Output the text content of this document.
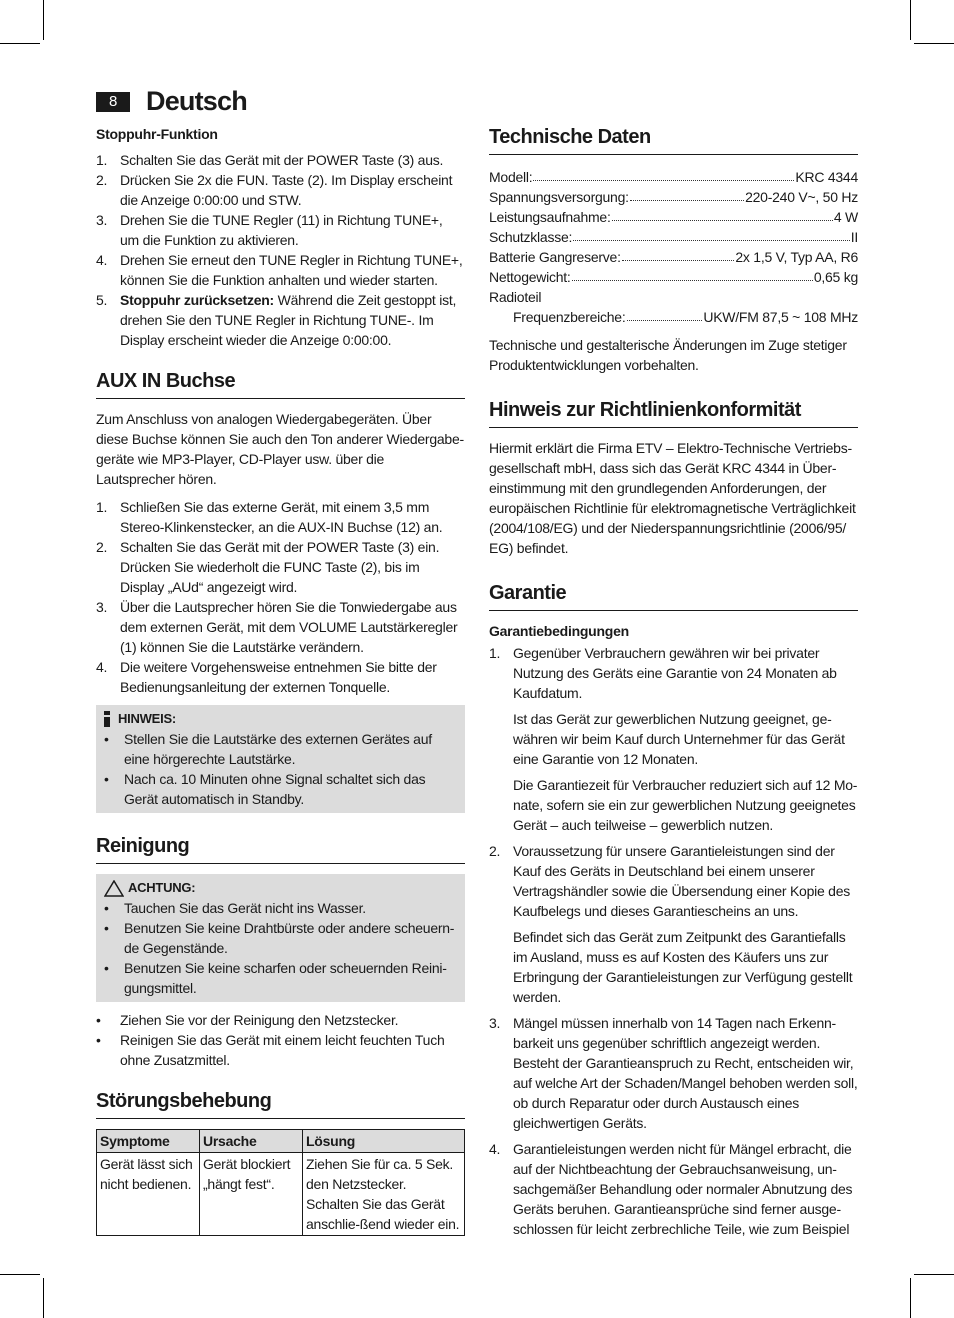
8	Deutsch
Stoppuhr-Funktion
1. Schalten Sie das Gerät mit der POWER Taste (3) aus.
2. Drücken Sie 2x die FUN. Taste (2). Im Display erscheint die Anzeige 0:00:00 und STW.
3. Drehen Sie die TUNE Regler (11) in Richtung TUNE+, um die Funktion zu aktivieren.
4. Drehen Sie erneut den TUNE Regler in Richtung TUNE+, können Sie die Funktion anhalten und wieder starten.
5. Stoppuhr zurücksetzen: Während die Zeit gestoppt ist, drehen Sie den TUNE Regler in Richtung TUNE-. Im Display erscheint wieder die Anzeige 0:00:00.
AUX IN Buchse

Zum Anschluss von analogen Wiedergabegeräten. Über diese Buchse können Sie auch den Ton anderer Wiedergabe-geräte wie MP3-Player, CD-Player usw. über die Lautsprecher hören.

1. Schließen Sie das externe Gerät, mit einem 3,5 mm Stereo-Klinkenstecker, an die AUX-IN Buchse (12) an.
2. Schalten Sie das Gerät mit der POWER Taste (3) ein. Drücken Sie wiederholt die FUNC Taste (2), bis im Display „AUd“ angezeigt wird.
3. Über die Lautsprecher hören Sie die Tonwiedergabe aus dem externen Gerät, mit dem VOLUME Lautstärkeregler (1) können Sie die Lautstärke verändern.
4. Die weitere Vorgehensweise entnehmen Sie bitte der Bedienungsanleitung der externen Tonquelle.
HINWEIS:
•	Stellen Sie die Lautstärke des externen Gerätes auf eine hörgerechte Lautstärke.
•	Nach ca. 10 Minuten ohne Signal schaltet sich das Gerät automatisch in Standby.
Reinigung
ACHTUNG:
•	Tauchen Sie das Gerät nicht ins Wasser.
•	Benutzen Sie keine Drahtbürste oder andere scheuern-de Gegenstände.
•	Benutzen Sie keine scharfen oder scheuernden Reini-gungsmittel.
•	Ziehen Sie vor der Reinigung den Netzstecker.
•	Reinigen Sie das Gerät mit einem leicht feuchten Tuch ohne Zusatzmittel.
Störungsbehebung
Symptome	Ursache	Lösung
Gerät lässt sich nicht bedienen.	Gerät blockiert „hängt fest“.	Ziehen Sie für ca. 5 Sek. den Netzstecker. Schalten Sie das Gerät anschlie-ßend wieder ein.
Technische Daten
Modell:	KRC 4344
Spannungsversorgung:	220-240 V~, 50 Hz
Leistungsaufnahme:	4 W
Schutzklasse:	II
Batterie Gangreserve:	2x 1,5 V, Typ AA, R6
Nettogewicht:	0,65 kg
Radioteil
Frequenzbereiche:	UKW/FM 87,5 ~ 108 MHz

Technische und gestalterische Änderungen im Zuge stetiger Produktentwicklungen vorbehalten.

Hinweis zur Richtlinienkonformität

Hiermit erklärt die Firma ETV – Elektro-Technische Vertriebs-gesellschaft mbH, dass sich das Gerät KRC 4344 in Über-einstimmung mit den grundlegenden Anforderungen, der europäischen Richtlinie für elektromagnetische Verträglichkeit (2004/108/EG) und der Niederspannungsrichtlinie (2006/95/ EG) befindet.

Garantie
Garantiebedingungen
1. Gegenüber Verbrauchern gewähren wir bei privater Nutzung des Geräts eine Garantie von 24 Monaten ab Kaufdatum.

Ist das Gerät zur gewerblichen Nutzung geeignet, ge-währen wir beim Kauf durch Unternehmer für das Gerät eine Garantie von 12 Monaten.

Die Garantiezeit für Verbraucher reduziert sich auf 12 Mo-nate, sofern sie ein zur gewerblichen Nutzung geeignetes Gerät – auch teilweise – gewerblich nutzen.

2. Voraussetzung für unsere Garantieleistungen sind der Kauf des Geräts in Deutschland bei einem unserer Vertragshändler sowie die Übersendung einer Kopie des Kaufbelegs und dieses Garantiescheins an uns.

Befindet sich das Gerät zum Zeitpunkt des Garantiefalls im Ausland, muss es auf Kosten des Käufers uns zur Erbringung der Garantieleistungen zur Verfügung gestellt werden.

3. Mängel müssen innerhalb von 14 Tagen nach Erkenn-barkeit uns gegenüber schriftlich angezeigt werden. Besteht der Garantieanspruch zu Recht, entscheiden wir, auf welche Art der Schaden/Mangel behoben werden soll, ob durch Reparatur oder durch Austausch eines gleichwertigen Geräts.

4. Garantieleistungen werden nicht für Mängel erbracht, die auf der Nichtbeachtung der Gebrauchsanweisung, un-sachgemäßer Behandlung oder normaler Abnutzung des Geräts beruhen. Garantieansprüche sind ferner ausge-schlossen für leicht zerbrechliche Teile, wie zum Beispiel
